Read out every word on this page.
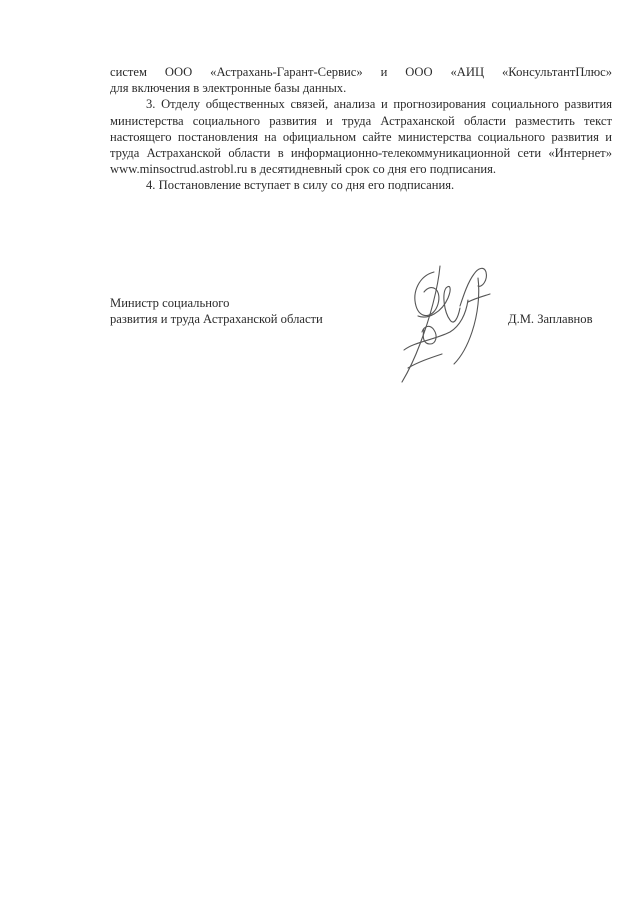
систем ООО «Астрахань-Гарант-Сервис» и ООО «АИЦ «КонсультантПлюс»

для включения в электронные базы данных.

3. Отделу общественных связей, анализа и прогнозирования социального развития министерства социального развития и труда Астраханской области разместить текст настоящего постановления на официальном сайте министерства социального развития и труда Астраханской области в информационно-телекоммуникационной сети «Интернет» www.minsoctrud.astrobl.ru в десятидневный срок со дня его подписания.

4. Постановление вступает в силу со дня его подписания.

Министр социального
развития и труда Астраханской области	Д.М. Заплавнов
